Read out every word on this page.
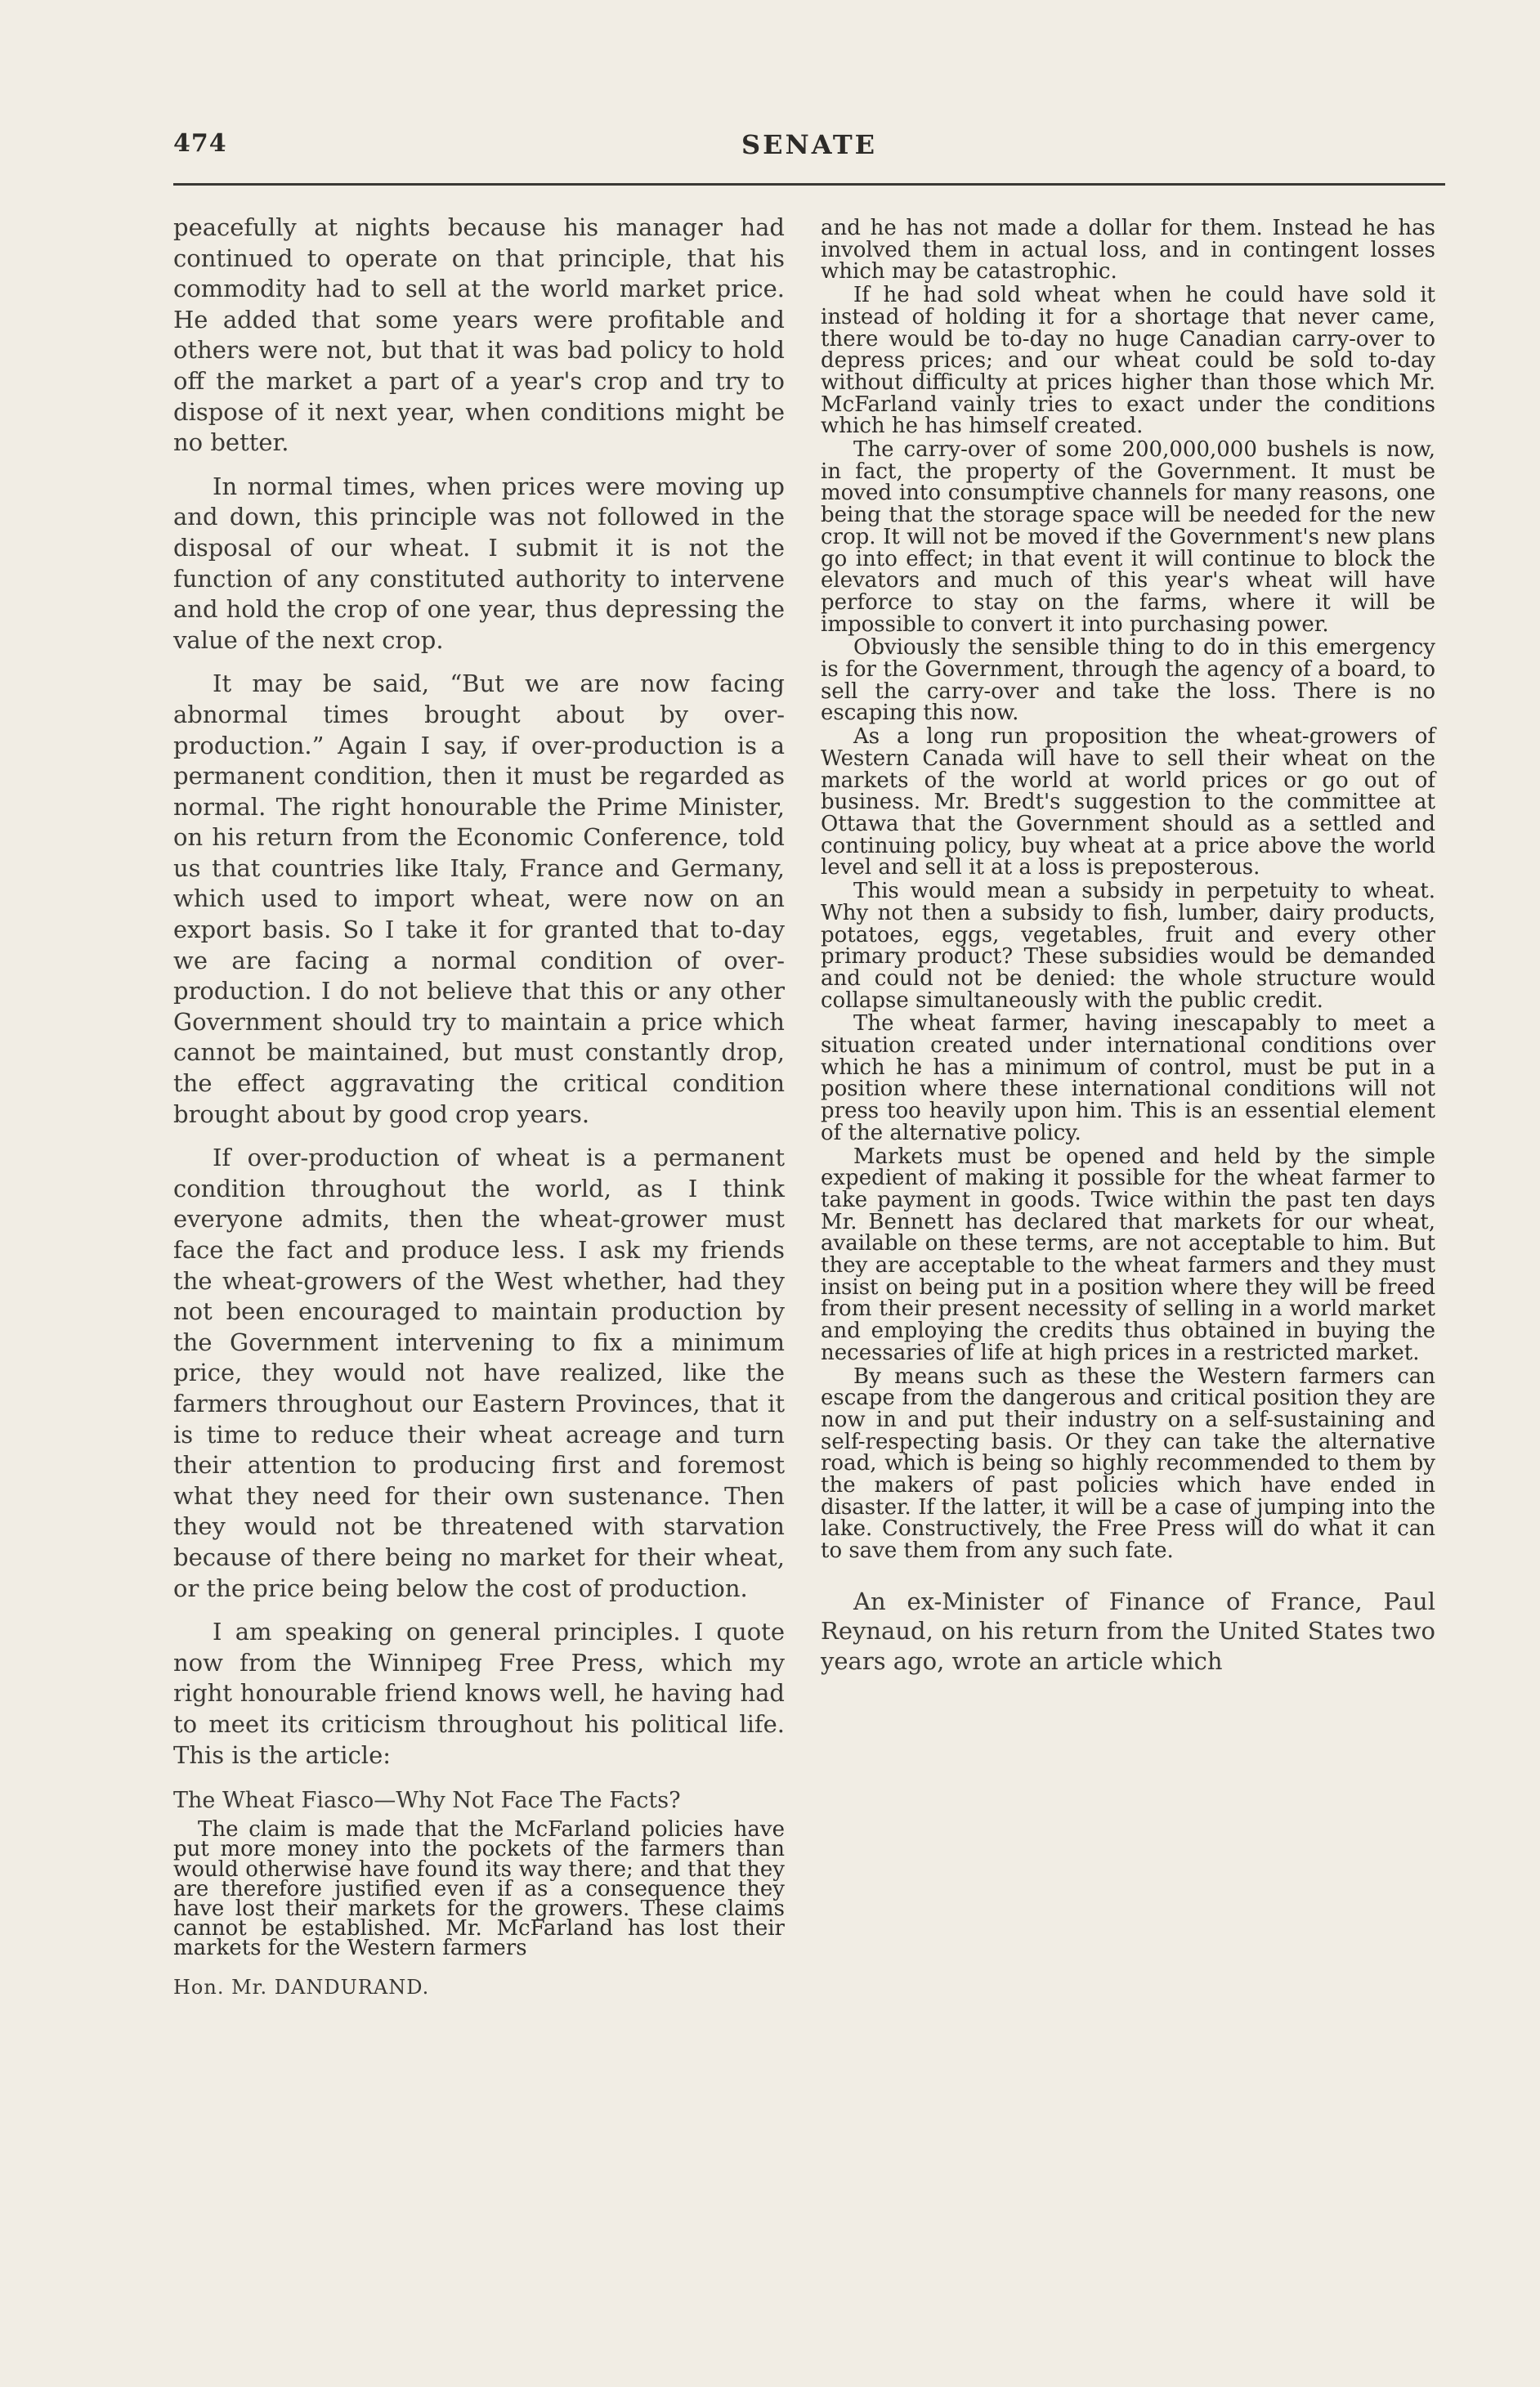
474	SENATE

peacefully at nights because his manager had continued to operate on that principle, that his commodity had to sell at the world market price. He added that some years were profitable and others were not, but that it was bad policy to hold off the market a part of a year's crop and try to dispose of it next year, when conditions might be no better.

In normal times, when prices were moving up and down, this principle was not followed in the disposal of our wheat. I submit it is not the function of any constituted authority to intervene and hold the crop of one year, thus depressing the value of the next crop.

It may be said, “But we are now facing abnormal times brought about by over-production.” Again I say, if over-production is a permanent condition, then it must be regarded as normal. The right honourable the Prime Minister, on his return from the Economic Conference, told us that countries like Italy, France and Germany, which used to import wheat, were now on an export basis. So I take it for granted that to-day we are facing a normal condition of over-production. I do not believe that this or any other Government should try to maintain a price which cannot be maintained, but must constantly drop, the effect aggravating the critical condition brought about by good crop years.

If over-production of wheat is a permanent condition throughout the world, as I think everyone admits, then the wheat-grower must face the fact and produce less. I ask my friends the wheat-growers of the West whether, had they not been encouraged to maintain production by the Government intervening to fix a minimum price, they would not have realized, like the farmers throughout our Eastern Provinces, that it is time to reduce their wheat acreage and turn their attention to producing first and foremost what they need for their own sustenance. Then they would not be threatened with starvation because of there being no market for their wheat, or the price being below the cost of production.

I am speaking on general principles. I quote now from the Winnipeg Free Press, which my right honourable friend knows well, he having had to meet its criticism throughout his political life. This is the article:

The Wheat Fiasco—Why Not Face The Facts?

The claim is made that the McFarland policies have put more money into the pockets of the farmers than would otherwise have found its way there; and that they are therefore justified even if as a consequence they have lost their markets for the growers. These claims cannot be established. Mr. McFarland has lost their markets for the Western farmers

Hon. Mr. DANDURAND.

and he has not made a dollar for them. Instead he has involved them in actual loss, and in contingent losses which may be catastrophic.

If he had sold wheat when he could have sold it instead of holding it for a shortage that never came, there would be to-day no huge Canadian carry-over to depress prices; and our wheat could be sold to-day without difficulty at prices higher than those which Mr. McFarland vainly tries to exact under the conditions which he has himself created.

The carry-over of some 200,000,000 bushels is now, in fact, the property of the Government. It must be moved into consumptive channels for many reasons, one being that the storage space will be needed for the new crop. It will not be moved if the Government's new plans go into effect; in that event it will continue to block the elevators and much of this year's wheat will have perforce to stay on the farms, where it will be impossible to convert it into purchasing power.

Obviously the sensible thing to do in this emergency is for the Government, through the agency of a board, to sell the carry-over and take the loss. There is no escaping this now.

As a long run proposition the wheat-growers of Western Canada will have to sell their wheat on the markets of the world at world prices or go out of business. Mr. Bredt's suggestion to the committee at Ottawa that the Government should as a settled and continuing policy, buy wheat at a price above the world level and sell it at a loss is preposterous.

This would mean a subsidy in perpetuity to wheat. Why not then a subsidy to fish, lumber, dairy products, potatoes, eggs, vegetables, fruit and every other primary product? These subsidies would be demanded and could not be denied: the whole structure would collapse simultaneously with the public credit.

The wheat farmer, having inescapably to meet a situation created under international conditions over which he has a minimum of control, must be put in a position where these international conditions will not press too heavily upon him. This is an essential element of the alternative policy.

Markets must be opened and held by the simple expedient of making it possible for the wheat farmer to take payment in goods. Twice within the past ten days Mr. Bennett has declared that markets for our wheat, available on these terms, are not acceptable to him. But they are acceptable to the wheat farmers and they must insist on being put in a position where they will be freed from their present necessity of selling in a world market and employing the credits thus obtained in buying the necessaries of life at high prices in a restricted market.

By means such as these the Western farmers can escape from the dangerous and critical position they are now in and put their industry on a self-sustaining and self-respecting basis. Or they can take the alternative road, which is being so highly recommended to them by the makers of past policies which have ended in disaster. If the latter, it will be a case of jumping into the lake. Constructively, the Free Press will do what it can to save them from any such fate.

An ex-Minister of Finance of France, Paul Reynaud, on his return from the United States two years ago, wrote an article which
